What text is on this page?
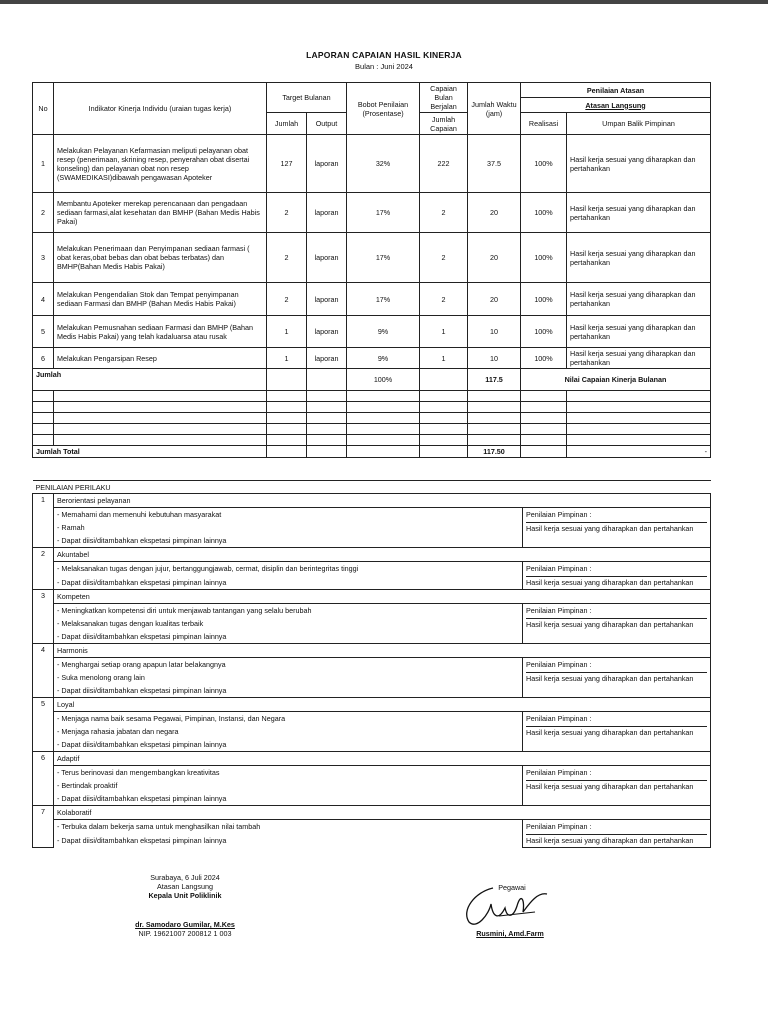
LAPORAN CAPAIAN HASIL KINERJA
Bulan : Juni 2024
No	Indikator Kinerja Individu (uraian tugas kerja)	Target Bulanan		Bobot Penilaian (Prosentase)	Capaian Bulan Berjalan	Jumlah Waktu (jam)	Penilaian Atasan	
							Atasan Langsung	
		Jumlah	Output		Jumlah Capaian		Realisasi	Umpan Balik Pimpinan
1	Melakukan Pelayanan Kefarmasian meliputi pelayanan obat resep (penerimaan, skrining resep, penyerahan obat disertai konseling) dan pelayanan obat non resep (SWAMEDIKASI)dibawah pengawasan Apoteker	127	laporan	32%	222	37.5	100%	Hasil kerja sesuai yang diharapkan dan pertahankan
2	Membantu Apoteker merekap perencanaan dan pengadaan sediaan farmasi,alat kesehatan dan BMHP (Bahan Medis Habis Pakai)	2	laporan	17%	2	20	100%	Hasil kerja sesuai yang diharapkan dan pertahankan
3	Melakukan Penerimaan dan Penyimpanan sediaan farmasi ( obat keras,obat bebas dan obat bebas terbatas) dan BMHP(Bahan Medis Habis Pakai)	2	laporan	17%	2	20	100%	Hasil kerja sesuai yang diharapkan dan pertahankan
4	Melakukan Pengendalian Stok dan Tempat penyimpanan sediaan Farmasi dan BMHP (Bahan Medis Habis Pakai)	2	laporan	17%	2	20	100%	Hasil kerja sesuai yang diharapkan dan pertahankan
5	Melakukan Pemusnahan sediaan Farmasi dan BMHP (Bahan Medis Habis Pakai) yang telah kadaluarsa atau rusak	1	laporan	9%	1	10	100%	Hasil kerja sesuai yang diharapkan dan pertahankan
6	Melakukan Pengarsipan Resep	1	laporan	9%	1	10	100%	Hasil kerja sesuai yang diharapkan dan pertahankan
Jumlah				100%		117.5	Nilai Capaian Kinerja Bulanan	

Jumlah Total						117.50		-
PENILAIAN PERILAKU		
1	Berorientasi pelayanan	
	- Memahami dan memenuhi kebutuhan masyarakat	Penilaian Pimpinan :
Hasil kerja sesuai yang diharapkan dan pertahankan

	- Ramah	
	- Dapat diisi/ditambahkan ekspetasi pimpinan lainnya	
2	Akuntabel	
	- Melaksanakan tugas dengan jujur, bertanggungjawab, cermat, disiplin dan berintegritas tinggi	Penilaian Pimpinan :
Hasil kerja sesuai yang diharapkan dan pertahankan

	- Dapat diisi/ditambahkan ekspetasi pimpinan lainnya	
3	Kompeten	
	- Meningkatkan kompetensi diri untuk menjawab tantangan yang selalu berubah	Penilaian Pimpinan :
Hasil kerja sesuai yang diharapkan dan pertahankan

	- Melaksanakan tugas dengan kualitas terbaik	
	- Dapat diisi/ditambahkan ekspetasi pimpinan lainnya	
4	Harmonis	
	- Menghargai setiap orang apapun latar belakangnya	Penilaian Pimpinan :
Hasil kerja sesuai yang diharapkan dan pertahankan

	- Suka menolong orang lain	
	- Dapat diisi/ditambahkan ekspetasi pimpinan lainnya	
5	Loyal	
	- Menjaga nama baik sesama Pegawai, Pimpinan, Instansi, dan Negara	Penilaian Pimpinan :
Hasil kerja sesuai yang diharapkan dan pertahankan

	- Menjaga rahasia jabatan dan negara	
	- Dapat diisi/ditambahkan ekspetasi pimpinan lainnya	
6	Adaptif	
	- Terus berinovasi dan mengembangkan kreativitas	Penilaian Pimpinan :
Hasil kerja sesuai yang diharapkan dan pertahankan

	- Bertindak proaktif	
	- Dapat diisi/ditambahkan ekspetasi pimpinan lainnya	
7	Kolaboratif	
	- Terbuka dalam bekerja sama untuk menghasilkan nilai tambah	Penilaian Pimpinan :
Hasil kerja sesuai yang diharapkan dan pertahankan

	- Dapat diisi/ditambahkan ekspetasi pimpinan lainnya	
Surabaya, 6 Juli 2024
Atasan Langsung
Kepala Unit Poliklinik
dr. Samodaro Gumilar, M.Kes
NIP. 19621007 200812 1 003
Pegawai
Rusmini, Amd.Farm
